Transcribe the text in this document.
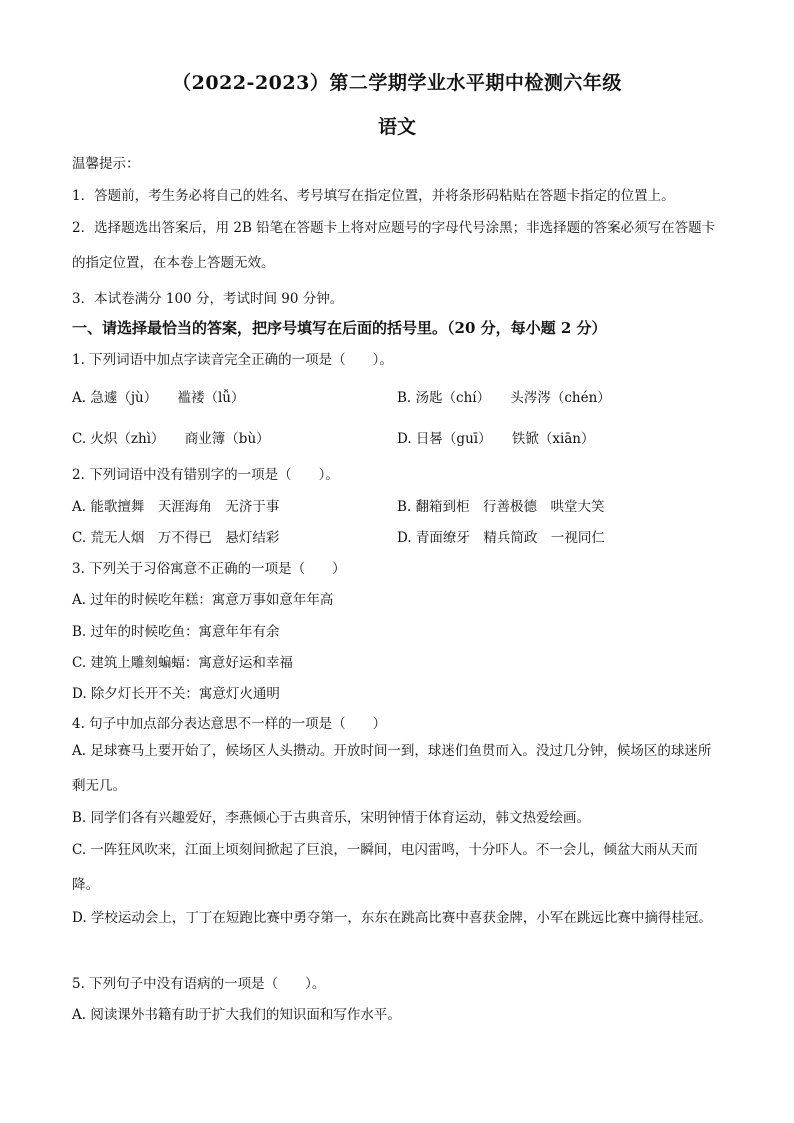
（2022-2023）第二学期学业水平期中检测六年级
语文
温馨提示：
1．答题前，考生务必将自己的姓名、考号填写在指定位置，并将条形码粘贴在答题卡指定的位置上。
2．选择题选出答案后，用 2B 铅笔在答题卡上将对应题号的字母代号涂黑；非选择题的答案必须写在答题卡的指定位置，在本卷上答题无效。
3．本试卷满分 100 分，考试时间 90 分钟。
一、请选择最恰当的答案，把序号填写在后面的括号里。（20 分，每小题 2 分）
1. 下列词语中加点字读音完全正确的一项是（　　）。
A. 急遽（jù）　　褴褛（lǚ）	B. 汤匙（chí）　　头涔涔（chén）
C. 火炽（zhì）　　商业簿（bù）	D. 日晷（guī）　　铁锨（xiān）
2. 下列词语中没有错别字的一项是（　　）。
A. 能歌擅舞　天涯海角　无济于事	B. 翻箱到柜　行善极德　哄堂大笑
C. 荒无人烟　万不得已　悬灯结彩	D. 青面缭牙　精兵简政　一视同仁
3. 下列关于习俗寓意不正确的一项是（　　）
A. 过年的时候吃年糕：寓意万事如意年年高
B. 过年的时候吃鱼：寓意年年有余
C. 建筑上雕刻蝙蝠：寓意好运和幸福
D. 除夕灯长开不关：寓意灯火通明
4. 句子中加点部分表达意思不一样的一项是（　　）
A. 足球赛马上要开始了，候场区人头攒动。开放时间一到，球迷们鱼贯而入。没过几分钟，候场区的球迷所剩无几。
B. 同学们各有兴趣爱好，李燕倾心于古典音乐，宋明钟情于体育运动，韩文热爱绘画。
C. 一阵狂风吹来，江面上顷刻间掀起了巨浪，一瞬间，电闪雷鸣，十分吓人。不一会儿，倾盆大雨从天而降。
D. 学校运动会上，丁丁在短跑比赛中勇夺第一，东东在跳高比赛中喜获金牌，小军在跳远比赛中摘得桂冠。
5. 下列句子中没有语病的一项是（　　）。
A. 阅读课外书籍有助于扩大我们的知识面和写作水平。
